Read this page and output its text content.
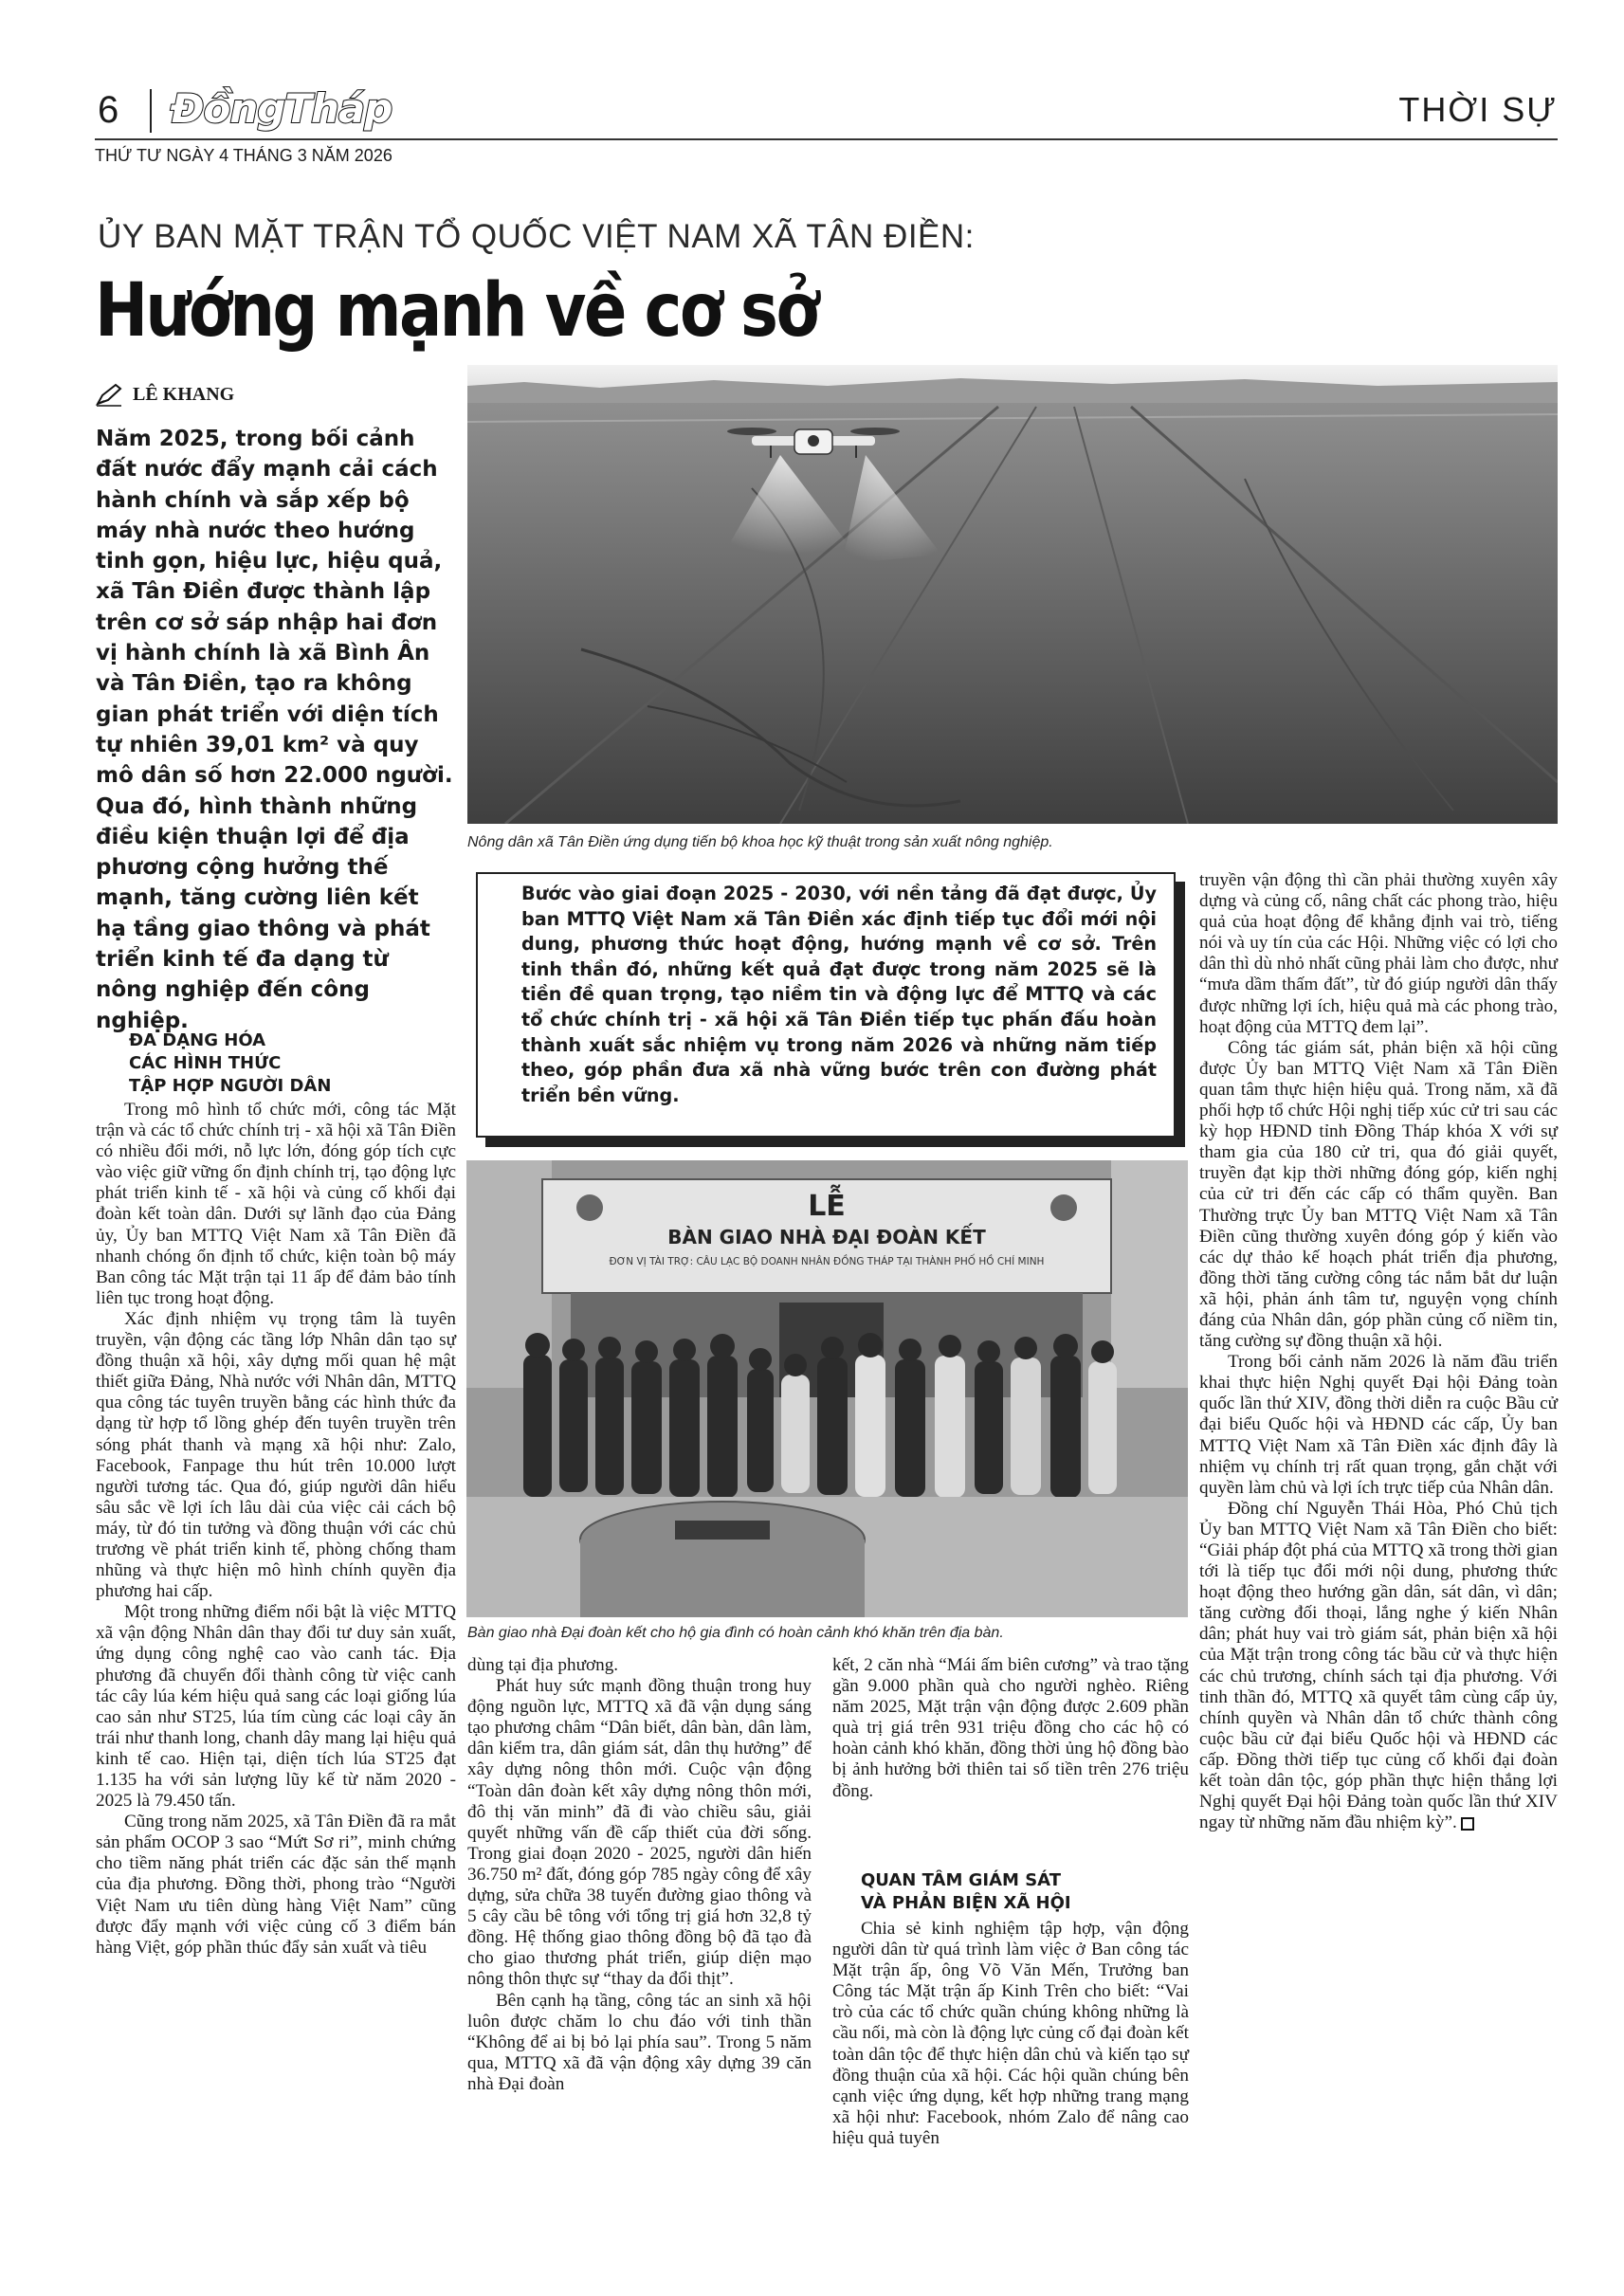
6 ĐồngTháp	THỜI SỰ
THỨ TƯ NGÀY 4 THÁNG 3 NĂM 2026
ỦY BAN MẶT TRẬN TỔ QUỐC VIỆT NAM XÃ TÂN ĐIỀN:
Hướng mạnh về cơ sở
LÊ KHANG
Năm 2025, trong bối cảnh đất nước đẩy mạnh cải cách hành chính và sắp xếp bộ máy nhà nước theo hướng tinh gọn, hiệu lực, hiệu quả, xã Tân Điền được thành lập trên cơ sở sáp nhập hai đơn vị hành chính là xã Bình Ân và Tân Điền, tạo ra không gian phát triển với diện tích tự nhiên 39,01 km² và quy mô dân số hơn 22.000 người. Qua đó, hình thành những điều kiện thuận lợi để địa phương cộng hưởng thế mạnh, tăng cường liên kết hạ tầng giao thông và phát triển kinh tế đa dạng từ nông nghiệp đến công nghiệp.
Nông dân xã Tân Điền ứng dụng tiến bộ khoa học kỹ thuật trong sản xuất nông nghiệp.
Bước vào giai đoạn 2025 - 2030, với nền tảng đã đạt được, Ủy ban MTTQ Việt Nam xã Tân Điền xác định tiếp tục đổi mới nội dung, phương thức hoạt động, hướng mạnh về cơ sở. Trên tinh thần đó, những kết quả đạt được trong năm 2025 sẽ là tiền đề quan trọng, tạo niềm tin và động lực để MTTQ và các tổ chức chính trị - xã hội xã Tân Điền tiếp tục phấn đấu hoàn thành xuất sắc nhiệm vụ trong năm 2026 và những năm tiếp theo, góp phần đưa xã nhà vững bước trên con đường phát triển bền vững.
LỄ
BÀN GIAO NHÀ ĐẠI ĐOÀN KẾT
ĐƠN VỊ TÀI TRỢ: CÂU LẠC BỘ DOANH NHÂN ĐỒNG THÁP TẠI THÀNH PHỐ HỒ CHÍ MINH
Bàn giao nhà Đại đoàn kết cho hộ gia đình có hoàn cảnh khó khăn trên địa bàn.
ĐA DẠNG HÓA
CÁC HÌNH THỨC
TẬP HỢP NGƯỜI DÂN

Trong mô hình tổ chức mới, công tác Mặt trận và các tổ chức chính trị - xã hội xã Tân Điền có nhiều đổi mới, nỗ lực lớn, đóng góp tích cực vào việc giữ vững ổn định chính trị, tạo động lực phát triển kinh tế - xã hội và củng cố khối đại đoàn kết toàn dân. Dưới sự lãnh đạo của Đảng ủy, Ủy ban MTTQ Việt Nam xã Tân Điền đã nhanh chóng ổn định tổ chức, kiện toàn bộ máy Ban công tác Mặt trận tại 11 ấp để đảm bảo tính liên tục trong hoạt động.

Xác định nhiệm vụ trọng tâm là tuyên truyền, vận động các tầng lớp Nhân dân tạo sự đồng thuận xã hội, xây dựng mối quan hệ mật thiết giữa Đảng, Nhà nước với Nhân dân, MTTQ qua công tác tuyên truyền bằng các hình thức đa dạng từ hợp tổ lồng ghép đến tuyên truyền trên sóng phát thanh và mạng xã hội như: Zalo, Facebook, Fanpage thu hút trên 10.000 lượt người tương tác. Qua đó, giúp người dân hiểu sâu sắc về lợi ích lâu dài của việc cải cách bộ máy, từ đó tin tưởng và đồng thuận với các chủ trương về phát triển kinh tế, phòng chống tham nhũng và thực hiện mô hình chính quyền địa phương hai cấp.

Một trong những điểm nổi bật là việc MTTQ xã vận động Nhân dân thay đổi tư duy sản xuất, ứng dụng công nghệ cao vào canh tác. Địa phương đã chuyển đổi thành công từ việc canh tác cây lúa kém hiệu quả sang các loại giống lúa cao sản như ST25, lúa tím cùng các loại cây ăn trái như thanh long, chanh dây mang lại hiệu quả kinh tế cao. Hiện tại, diện tích lúa ST25 đạt 1.135 ha với sản lượng lũy kế từ năm 2020 - 2025 là 79.450 tấn.

Cũng trong năm 2025, xã Tân Điền đã ra mắt sản phẩm OCOP 3 sao “Mứt Sơ ri”, minh chứng cho tiềm năng phát triển các đặc sản thế mạnh của địa phương. Đồng thời, phong trào “Người Việt Nam ưu tiên dùng hàng Việt Nam” cũng được đẩy mạnh với việc củng cố 3 điểm bán hàng Việt, góp phần thúc đẩy sản xuất và tiêu

dùng tại địa phương.

Phát huy sức mạnh đồng thuận trong huy động nguồn lực, MTTQ xã đã vận dụng sáng tạo phương châm “Dân biết, dân bàn, dân làm, dân kiểm tra, dân giám sát, dân thụ hưởng” để xây dựng nông thôn mới. Cuộc vận động “Toàn dân đoàn kết xây dựng nông thôn mới, đô thị văn minh” đã đi vào chiều sâu, giải quyết những vấn đề cấp thiết của đời sống. Trong giai đoạn 2020 - 2025, người dân hiến 36.750 m² đất, đóng góp 785 ngày công để xây dựng, sửa chữa 38 tuyến đường giao thông và 5 cây cầu bê tông với tổng trị giá hơn 32,8 tỷ đồng. Hệ thống giao thông đồng bộ đã tạo đà cho giao thương phát triển, giúp diện mạo nông thôn thực sự “thay da đổi thịt”.

Bên cạnh hạ tầng, công tác an sinh xã hội luôn được chăm lo chu đáo với tinh thần “Không để ai bị bỏ lại phía sau”. Trong 5 năm qua, MTTQ xã đã vận động xây dựng 39 căn nhà Đại đoàn

kết, 2 căn nhà “Mái ấm biên cương” và trao tặng gần 9.000 phần quà cho người nghèo. Riêng năm 2025, Mặt trận vận động được 2.609 phần quà trị giá trên 931 triệu đồng cho các hộ có hoàn cảnh khó khăn, đồng thời ủng hộ đồng bào bị ảnh hưởng bởi thiên tai số tiền trên 276 triệu đồng.

QUAN TÂM GIÁM SÁT
VÀ PHẢN BIỆN XÃ HỘI

Chia sẻ kinh nghiệm tập hợp, vận động người dân từ quá trình làm việc ở Ban công tác Mặt trận ấp, ông Võ Văn Mến, Trưởng ban Công tác Mặt trận ấp Kinh Trên cho biết: “Vai trò của các tổ chức quần chúng không những là cầu nối, mà còn là động lực củng cố đại đoàn kết toàn dân tộc để thực hiện dân chủ và kiến tạo sự đồng thuận của xã hội. Các hội quần chúng bên cạnh việc ứng dụng, kết hợp những trang mạng xã hội như: Facebook, nhóm Zalo để nâng cao hiệu quả tuyên

truyền vận động thì cần phải thường xuyên xây dựng và củng cố, nâng chất các phong trào, hiệu quả của hoạt động để khẳng định vai trò, tiếng nói và uy tín của các Hội. Những việc có lợi cho dân thì dù nhỏ nhất cũng phải làm cho được, như “mưa dầm thấm đất”, từ đó giúp người dân thấy được những lợi ích, hiệu quả mà các phong trào, hoạt động của MTTQ đem lại”.

Công tác giám sát, phản biện xã hội cũng được Ủy ban MTTQ Việt Nam xã Tân Điền quan tâm thực hiện hiệu quả. Trong năm, xã đã phối hợp tổ chức Hội nghị tiếp xúc cử tri sau các kỳ họp HĐND tỉnh Đồng Tháp khóa X với sự tham gia của 180 cử tri, qua đó giải quyết, truyền đạt kịp thời những đóng góp, kiến nghị của cử tri đến các cấp có thẩm quyền. Ban Thường trực Ủy ban MTTQ Việt Nam xã Tân Điền cũng thường xuyên đóng góp ý kiến vào các dự thảo kế hoạch phát triển địa phương, đồng thời tăng cường công tác nắm bắt dư luận xã hội, phản ánh tâm tư, nguyện vọng chính đáng của Nhân dân, góp phần củng cố niềm tin, tăng cường sự đồng thuận xã hội.

Trong bối cảnh năm 2026 là năm đầu triển khai thực hiện Nghị quyết Đại hội Đảng toàn quốc lần thứ XIV, đồng thời diễn ra cuộc Bầu cử đại biểu Quốc hội và HĐND các cấp, Ủy ban MTTQ Việt Nam xã Tân Điền xác định đây là nhiệm vụ chính trị rất quan trọng, gắn chặt với quyền làm chủ và lợi ích trực tiếp của Nhân dân.

Đồng chí Nguyễn Thái Hòa, Phó Chủ tịch Ủy ban MTTQ Việt Nam xã Tân Điền cho biết: “Giải pháp đột phá của MTTQ xã trong thời gian tới là tiếp tục đổi mới nội dung, phương thức hoạt động theo hướng gần dân, sát dân, vì dân; tăng cường đối thoại, lắng nghe ý kiến Nhân dân; phát huy vai trò giám sát, phản biện xã hội của Mặt trận trong công tác bầu cử và thực hiện các chủ trương, chính sách tại địa phương. Với tinh thần đó, MTTQ xã quyết tâm cùng cấp ủy, chính quyền và Nhân dân tổ chức thành công cuộc bầu cử đại biểu Quốc hội và HĐND các cấp. Đồng thời tiếp tục củng cố khối đại đoàn kết toàn dân tộc, góp phần thực hiện thắng lợi Nghị quyết Đại hội Đảng toàn quốc lần thứ XIV ngay từ những năm đầu nhiệm kỳ”.
